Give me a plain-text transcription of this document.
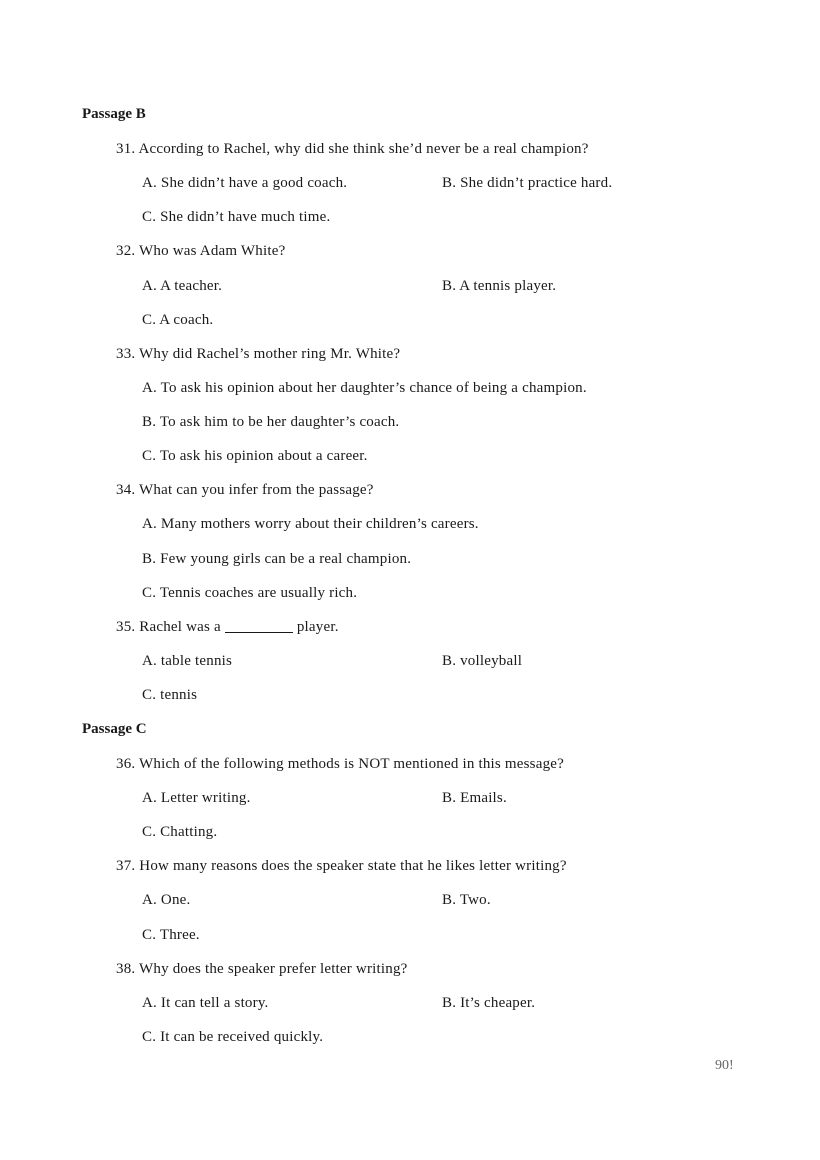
Passage B
31. According to Rachel, why did she think she’d never be a real champion?
A. She didn’t have a good coach.	B. She didn’t practice hard.
C. She didn’t have much time.
32. Who was Adam White?
A. A teacher.	B. A tennis player.
C. A coach.
33. Why did Rachel’s mother ring Mr. White?
A. To ask his opinion about her daughter’s chance of being a champion.
B. To ask him to be her daughter’s coach.
C. To ask his opinion about a career.
34. What can you infer from the passage?
A. Many mothers worry about their children’s careers.
B. Few young girls can be a real champion.
C. Tennis coaches are usually rich.
35. Rachel was a	player.
A. table tennis	B. volleyball
C. tennis
Passage C
36. Which of the following methods is NOT mentioned in this message?
A. Letter writing.	B. Emails.
C. Chatting.
37. How many reasons does the speaker state that he likes letter writing?
A. One.	B. Two.
C. Three.
38. Why does the speaker prefer letter writing?
A. It can tell a story.	B. It’s cheaper.
C. It can be received quickly.
90!
